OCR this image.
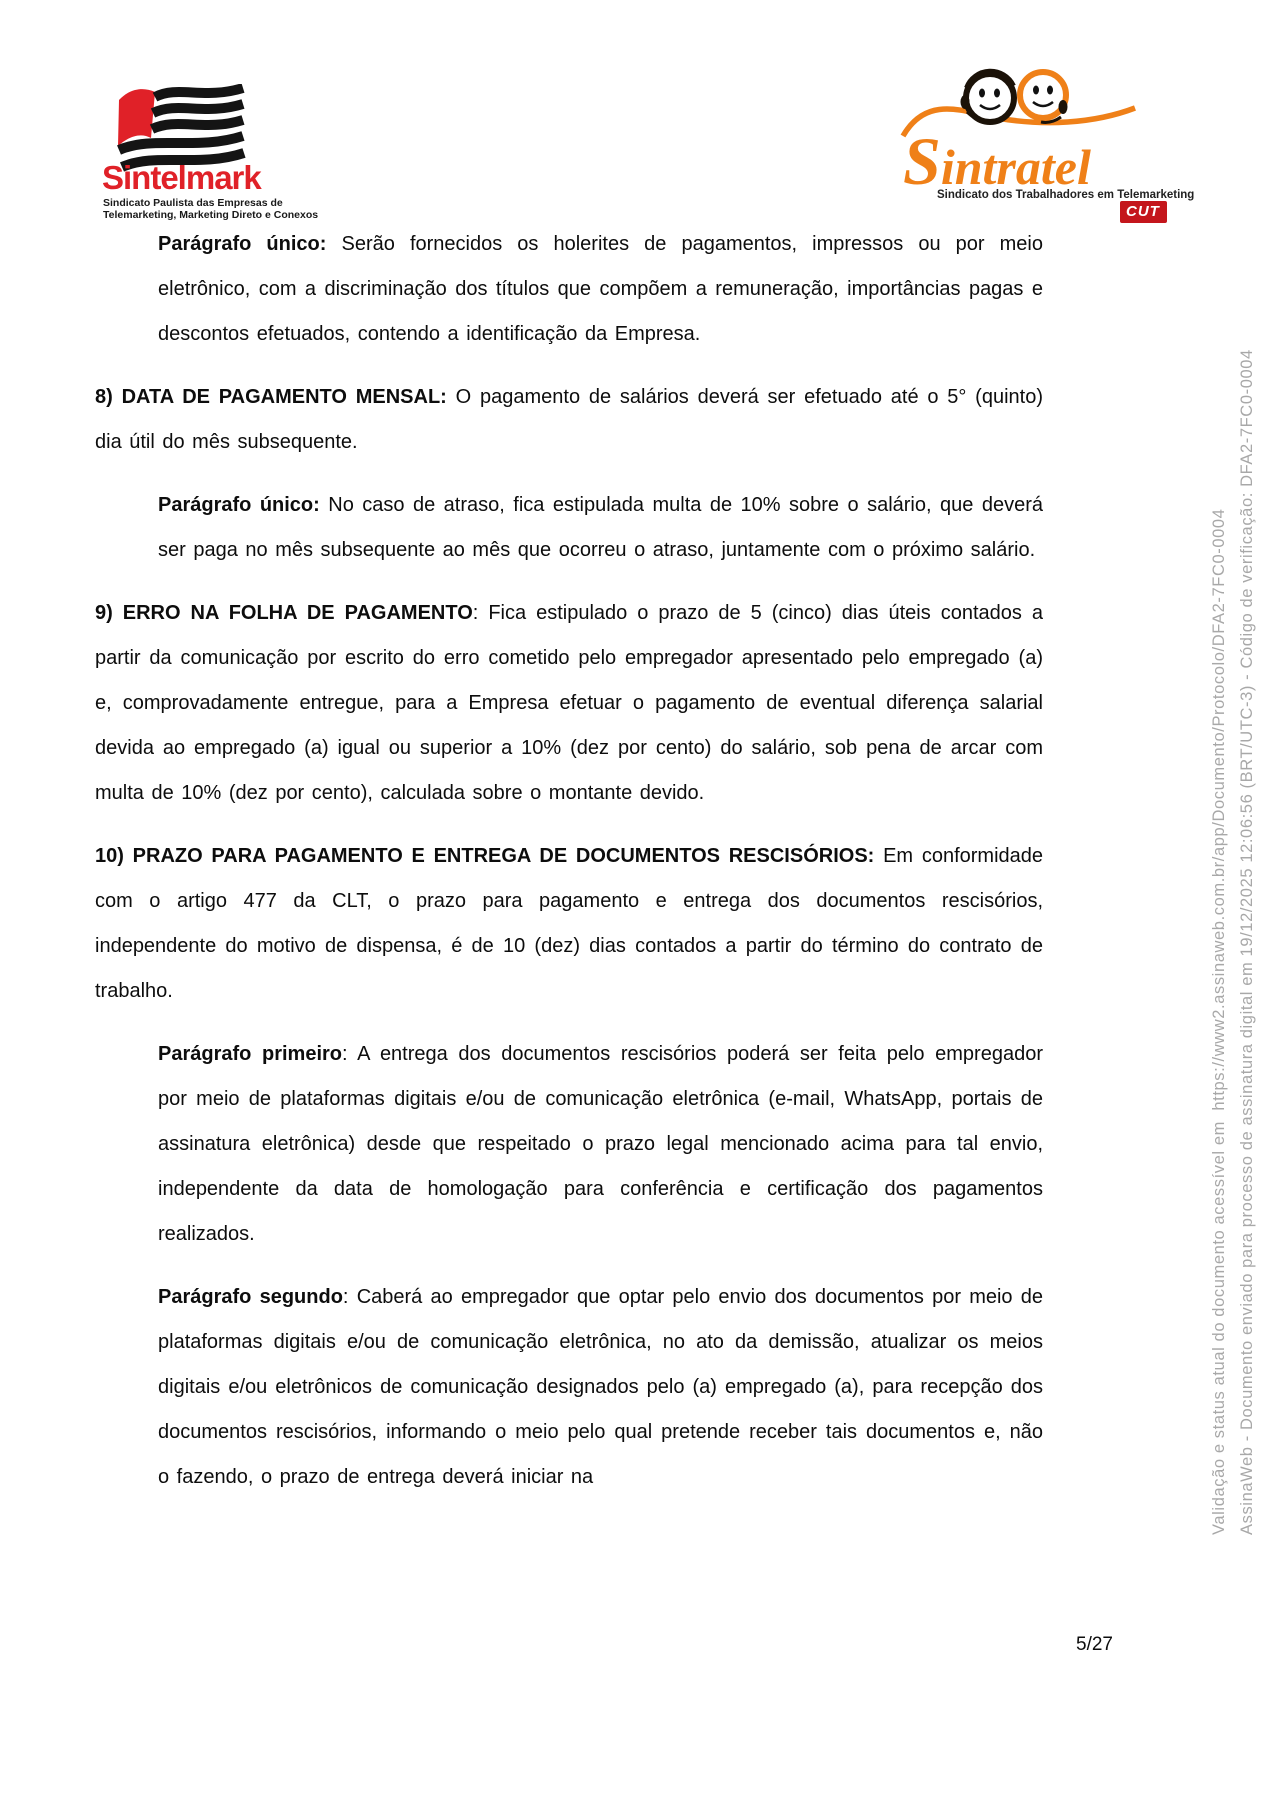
Sintelmark
Sindicato Paulista das Empresas de
Telemarketing, Marketing Direto e Conexos
Sintratel
Sindicato dos Trabalhadores em Telemarketing
CUT

Parágrafo único: Serão fornecidos os holerites de pagamentos, impressos ou por meio eletrônico, com a discriminação dos títulos que compõem a remuneração, importâncias pagas e descontos efetuados, contendo a identificação da Empresa.

8) DATA DE PAGAMENTO MENSAL: O pagamento de salários deverá ser efetuado até o 5° (quinto) dia útil do mês subsequente.

Parágrafo único: No caso de atraso, fica estipulada multa de 10% sobre o salário, que deverá ser paga no mês subsequente ao mês que ocorreu o atraso, juntamente com o próximo salário.

9) ERRO NA FOLHA DE PAGAMENTO: Fica estipulado o prazo de 5 (cinco) dias úteis contados a partir da comunicação por escrito do erro cometido pelo empregador apresentado pelo empregado (a) e, comprovadamente entregue, para a Empresa efetuar o pagamento de eventual diferença salarial devida ao empregado (a) igual ou superior a 10% (dez por cento) do salário, sob pena de arcar com multa de 10% (dez por cento), calculada sobre o montante devido.

10) PRAZO PARA PAGAMENTO E ENTREGA DE DOCUMENTOS RESCISÓRIOS: Em conformidade com o artigo 477 da CLT, o prazo para pagamento e entrega dos documentos rescisórios, independente do motivo de dispensa, é de 10 (dez) dias contados a partir do término do contrato de trabalho.

Parágrafo primeiro: A entrega dos documentos rescisórios poderá ser feita pelo empregador por meio de plataformas digitais e/ou de comunicação eletrônica (e-mail, WhatsApp, portais de assinatura eletrônica) desde que respeitado o prazo legal mencionado acima para tal envio, independente da data de homologação para conferência e certificação dos pagamentos realizados.

Parágrafo segundo: Caberá ao empregador que optar pelo envio dos documentos por meio de plataformas digitais e/ou de comunicação eletrônica, no ato da demissão, atualizar os meios digitais e/ou eletrônicos de comunicação designados pelo (a) empregado (a), para recepção dos documentos rescisórios, informando o meio pelo qual pretende receber tais documentos e, não o fazendo, o prazo de entrega deverá iniciar na

5/27
AssinaWeb - Documento enviado para processo de assinatura digital em 19/12/2025 12:06:56 (BRT/UTC-3) - Código de verificação: DFA2-7FC0-0004
Validação e status atual do documento acessível em  https://www2.assinaweb.com.br/app/Documento/Protocolo/DFA2-7FC0-0004
